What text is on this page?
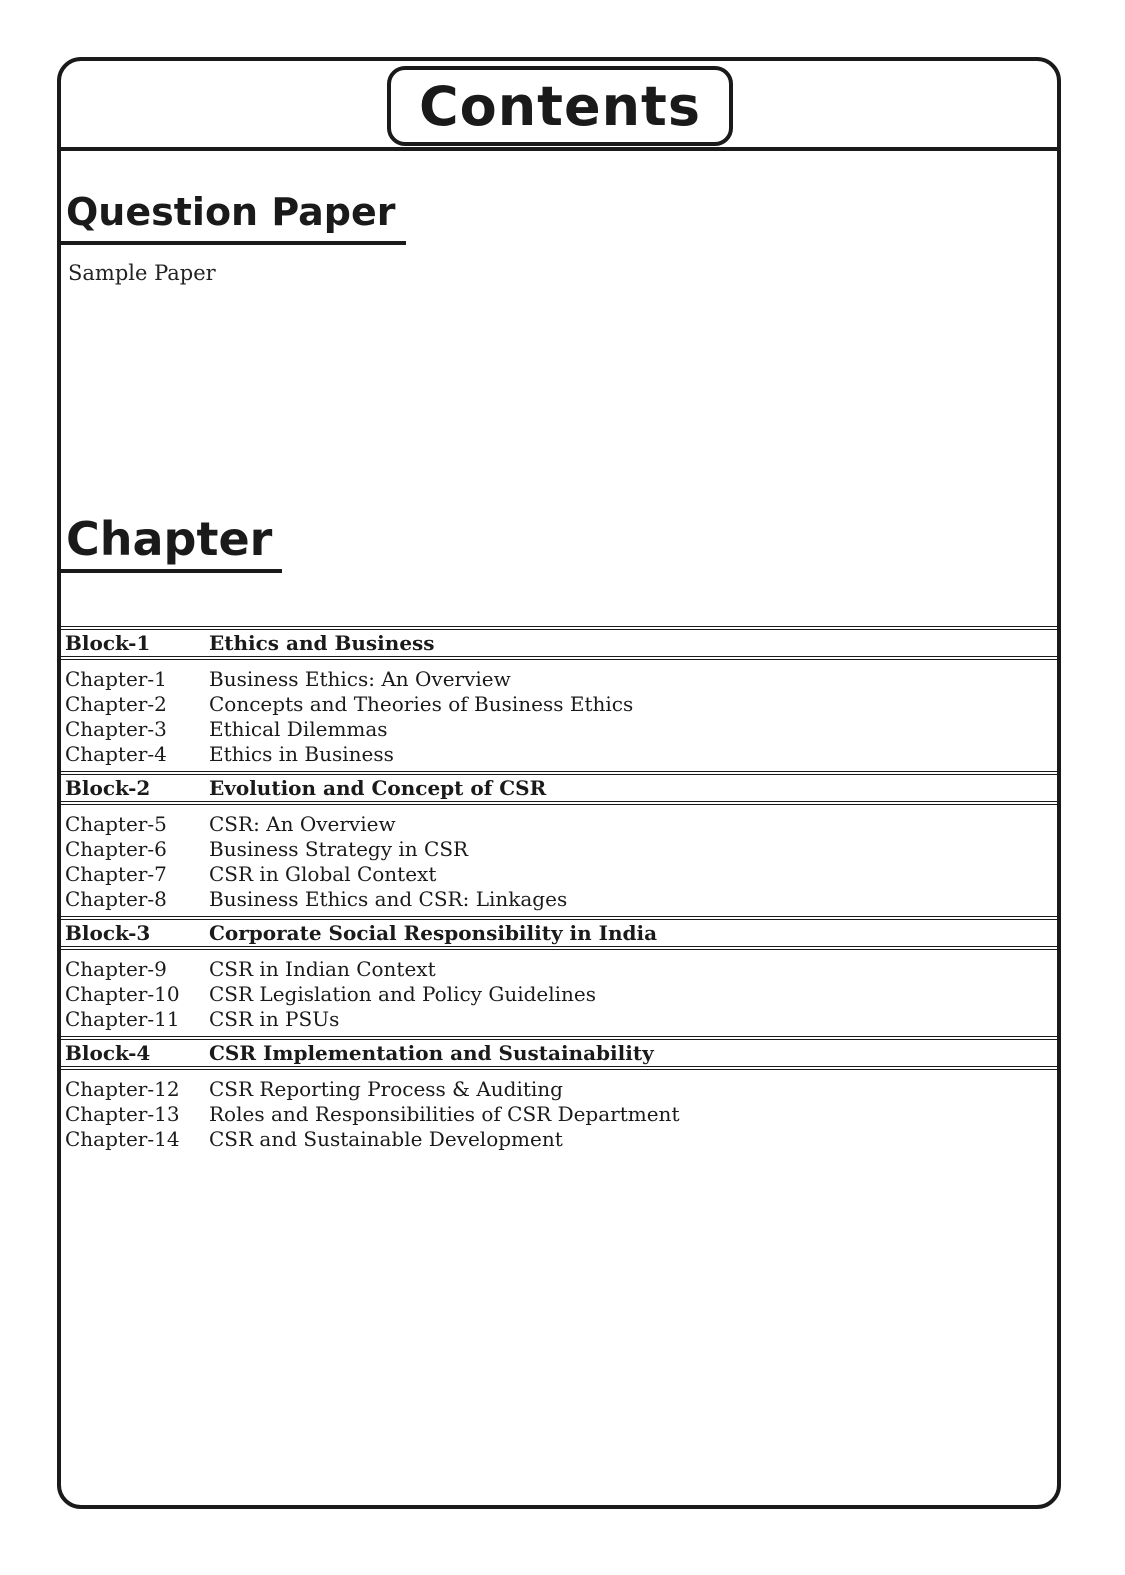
Contents
Question Paper
Sample Paper
Chapter
Block-1	Ethics and Business
Chapter-1	Business Ethics: An Overview
Chapter-2	Concepts and Theories of Business Ethics
Chapter-3	Ethical Dilemmas
Chapter-4	Ethics in Business
Block-2	Evolution and Concept of CSR
Chapter-5	CSR: An Overview
Chapter-6	Business Strategy in CSR
Chapter-7	CSR in Global Context
Chapter-8	Business Ethics and CSR: Linkages
Block-3	Corporate Social Responsibility in India
Chapter-9	CSR in Indian Context
Chapter-10	CSR Legislation and Policy Guidelines
Chapter-11	CSR in PSUs
Block-4	CSR Implementation and Sustainability
Chapter-12	CSR Reporting Process & Auditing
Chapter-13	Roles and Responsibilities of CSR Department
Chapter-14	CSR and Sustainable Development
